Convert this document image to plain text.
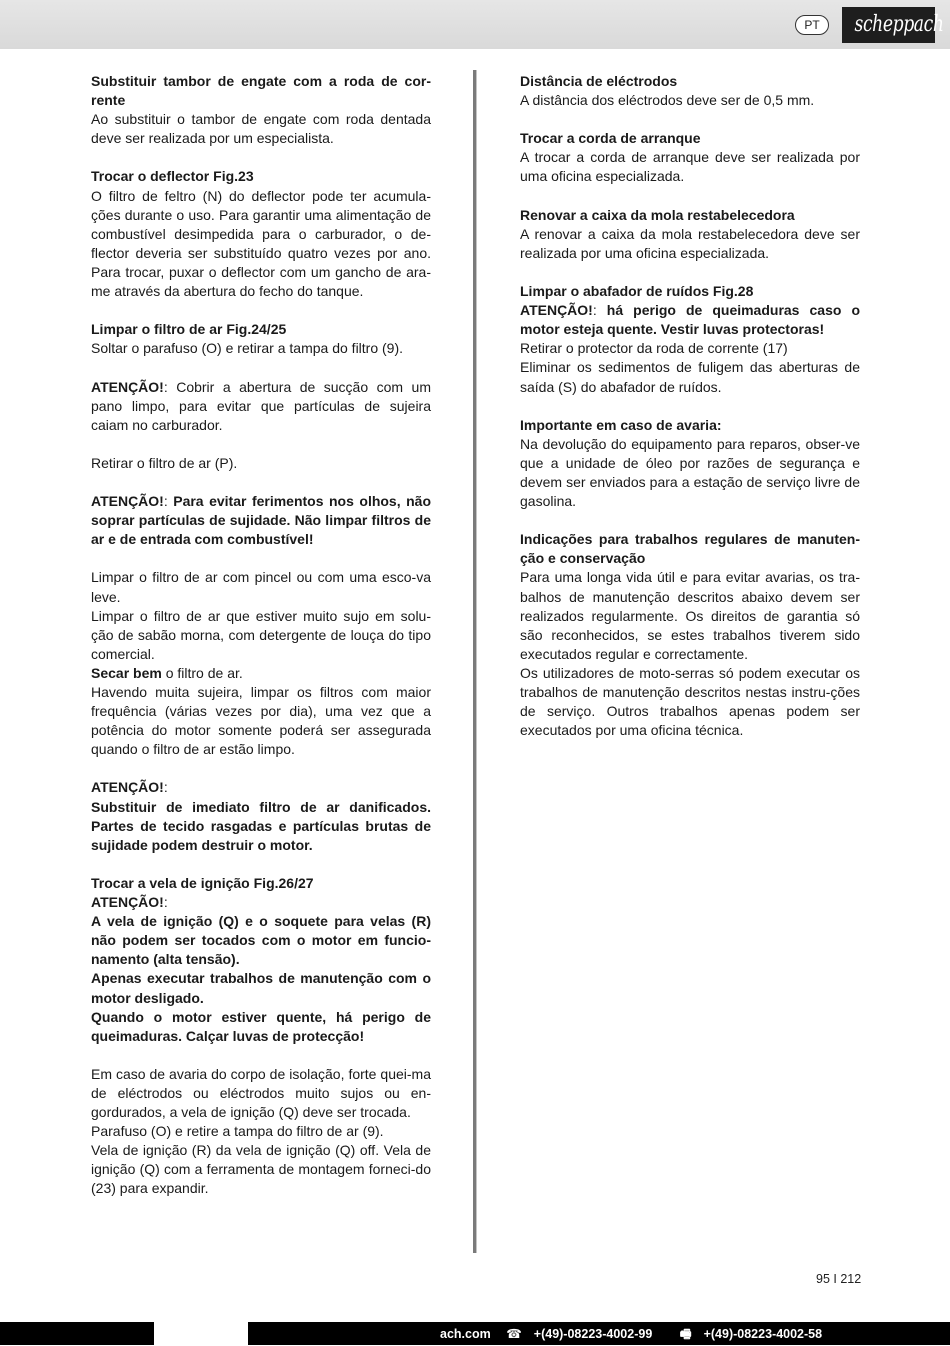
PT	scheppach

Substituir tambor de engate com a roda de cor-rente

Ao substituir o tambor de engate com roda dentada deve ser realizada por um especialista.

Trocar o deflector Fig.23

O filtro de feltro (N) do deflector pode ter acumula-ções durante o uso. Para garantir uma alimentação de combustível desimpedida para o carburador, o de-flector deveria ser substituído quatro vezes por ano. Para trocar, puxar o deflector com um gancho de ara-me através da abertura do fecho do tanque.

Limpar o filtro de ar Fig.24/25

Soltar o parafuso (O) e retirar a tampa do filtro (9).

ATENÇÃO!: Cobrir a abertura de sucção com um pano limpo, para evitar que partículas de sujeira caiam no carburador.

Retirar o filtro de ar (P).

ATENÇÃO!: Para evitar ferimentos nos olhos, não soprar partículas de sujidade. Não limpar filtros de ar e de entrada com combustível!

Limpar o filtro de ar com pincel ou com uma esco-va leve.

Limpar o filtro de ar que estiver muito sujo em solu-ção de sabão morna, com detergente de louça do tipo comercial.

Secar bem o filtro de ar.

Havendo muita sujeira, limpar os filtros com maior frequência (várias vezes por dia), uma vez que a potência do motor somente poderá ser assegurada quando o filtro de ar estão limpo.

ATENÇÃO!:

Substituir de imediato filtro de ar danificados. Partes de tecido rasgadas e partículas brutas de sujidade podem destruir o motor.

Trocar a vela de ignição Fig.26/27

ATENÇÃO!:

A vela de ignição (Q) e o soquete para velas (R) não podem ser tocados com o motor em funcio-namento (alta tensão).

Apenas executar trabalhos de manutenção com o motor desligado.

Quando o motor estiver quente, há perigo de queimaduras. Calçar luvas de protecção!

Em caso de avaria do corpo de isolação, forte quei-ma de eléctrodos ou eléctrodos muito sujos ou en-gordurados, a vela de ignição (Q) deve ser trocada.

Parafuso (O) e retire a tampa do filtro de ar (9).

Vela de ignição (R) da vela de ignição (Q) off. Vela de ignição (Q) com a ferramenta de montagem forneci-do (23) para expandir.

Distância de eléctrodos

A distância dos eléctrodos deve ser de 0,5 mm.

Trocar a corda de arranque

A trocar a corda de arranque deve ser realizada por uma oficina especializada.

Renovar a caixa da mola restabelecedora

A renovar a caixa da mola restabelecedora deve ser realizada por uma oficina especializada.

Limpar o abafador de ruídos Fig.28

ATENÇÃO!: há perigo de queimaduras caso o motor esteja quente. Vestir luvas protectoras!

Retirar o protector da roda de corrente (17)

Eliminar os sedimentos de fuligem das aberturas de saída (S) do abafador de ruídos.

Importante em caso de avaria:

Na devolução do equipamento para reparos, obser-ve que a unidade de óleo por razões de segurança e devem ser enviados para a estação de serviço livre de gasolina.

Indicações para trabalhos regulares de manuten-ção e conservação

Para uma longa vida útil e para evitar avarias, os tra-balhos de manutenção descritos abaixo devem ser realizados regularmente. Os direitos de garantia só são reconhecidos, se estes trabalhos tiverem sido executados regular e correctamente.

Os utilizadores de moto-serras só podem executar os trabalhos de manutenção descritos nestas instru-ções de serviço. Outros trabalhos apenas podem ser executados por uma oficina técnica.

95 I 212
ach.com ☎ +(49)-08223-4002-99 🖷 +(49)-08223-4002-58
